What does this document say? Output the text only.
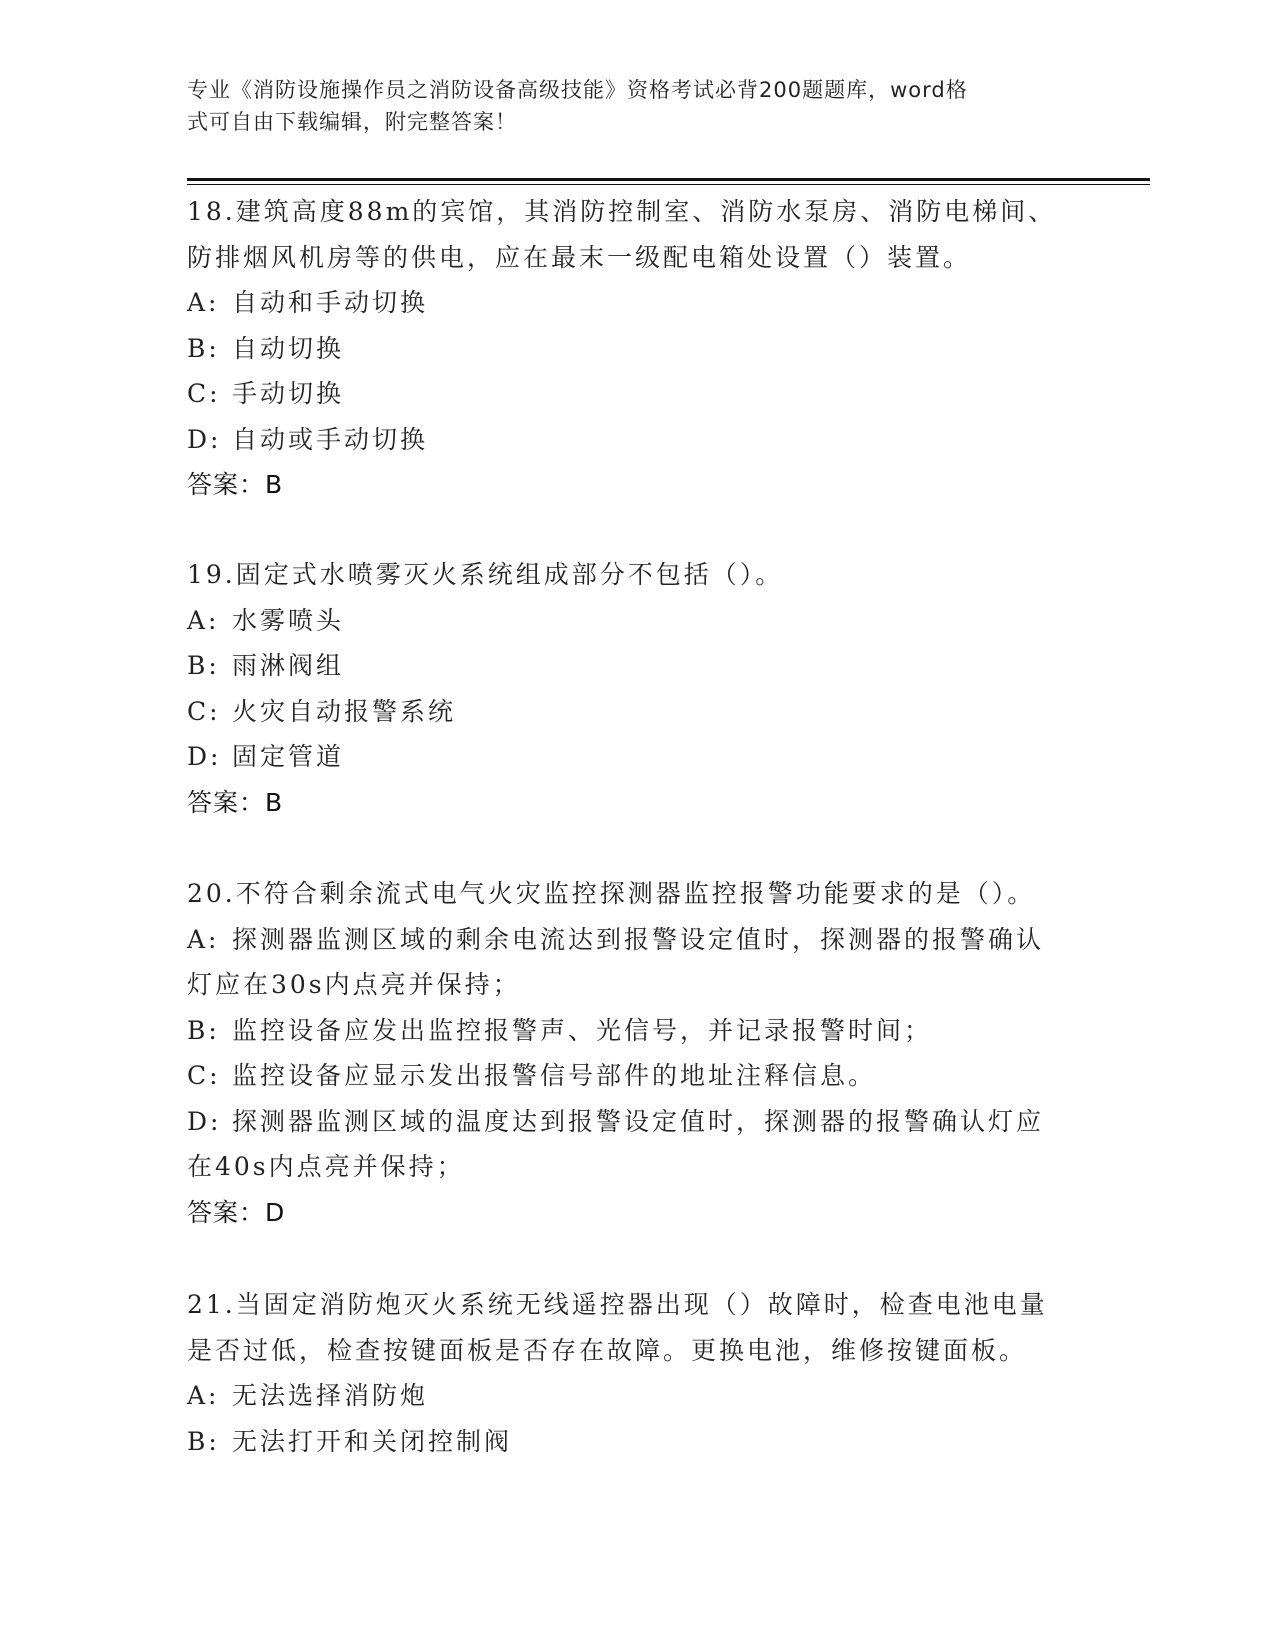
专业《消防设施操作员之消防设备高级技能》资格考试必背200题题库，word格
式可自由下载编辑，附完整答案！
18.建筑高度88m的宾馆，其消防控制室、消防水泵房、消防电梯间、
防排烟风机房等的供电，应在最末一级配电箱处设置（）装置。
A: 自动和手动切换
B: 自动切换
C: 手动切换
D: 自动或手动切换
答案：B
19.固定式水喷雾灭火系统组成部分不包括（）。
A: 水雾喷头
B: 雨淋阀组
C: 火灾自动报警系统
D: 固定管道
答案：B
20.不符合剩余流式电气火灾监控探测器监控报警功能要求的是（）。
A: 探测器监测区域的剩余电流达到报警设定值时，探测器的报警确认
灯应在30s内点亮并保持；
B: 监控设备应发出监控报警声、光信号，并记录报警时间；
C: 监控设备应显示发出报警信号部件的地址注释信息。
D: 探测器监测区域的温度达到报警设定值时，探测器的报警确认灯应
在40s内点亮并保持；
答案：D
21.当固定消防炮灭火系统无线遥控器出现（）故障时，检查电池电量
是否过低，检查按键面板是否存在故障。更换电池，维修按键面板。
A: 无法选择消防炮
B: 无法打开和关闭控制阀
